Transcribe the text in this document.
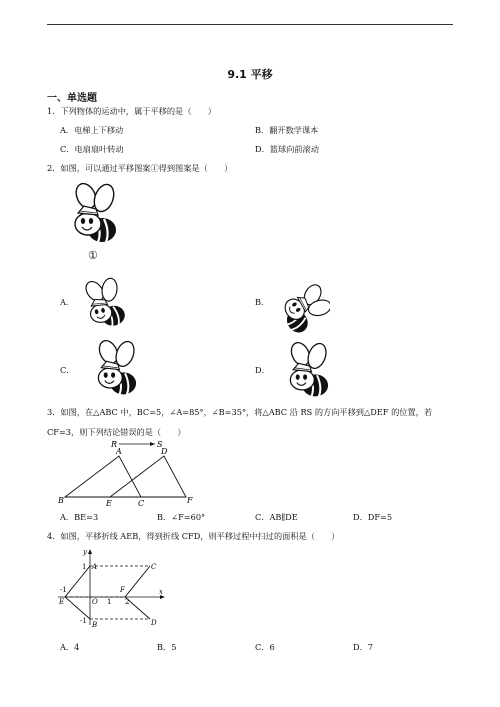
9.1 平移
一、单选题
1．下列物体的运动中，属于平移的是（　　）
A．电梯上下移动	B．翻开数学课本
C．电扇扇叶转动	D．篮球向前滚动
2．如图，可以通过平移图案①得到图案是（　　）
①
A．	B．
C．	D．
3．如图，在△ABC 中，BC=5，∠A=85°，∠B=35°，将△ABC 沿 RS 的方向平移到△DEF 的位置，若
CF=3，则下列结论错误的是（　　）
R	S
A	D
B	E	C	F
A．BE=3	B．∠F=60°	C．AB∥DE	D．DF=5
4．如图，平移折线 AEB，得到折线 CFD，则平移过程中扫过的面积是（　　）
y
x
1 A	C
-1
E	O 1 2
F
-1 B	D
A．4	B．5	C．6	D．7
